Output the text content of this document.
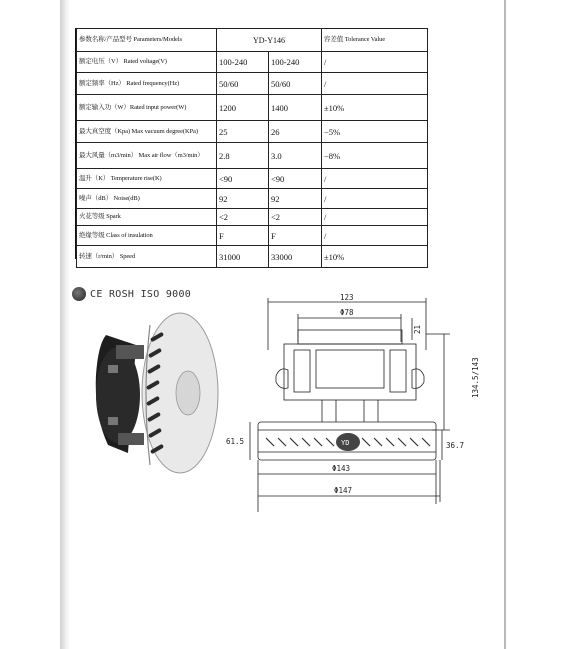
参数名称/产品型号 Parameters/Models	YD-Y146		容差值 Tolerance Value
额定电压（V） Rated voltage(V)	100-240	100-240	/
额定频率（Hz） Rated frequency(Hz)	50/60	50/60	/
额定输入功（W）Rated input power(W)	1200	1400	±10%
最大真空度（Kpa) Max vacuum degree(KPa)	25	26	−5%
最大风量（m3/min） Max air flow（m3/min）	2.8	3.0	−8%
温升（K） Temperature rise(K)	<90	<90	/
噪声（dB） Noise(dB)	92	92	/
火花等级 Spark	<2	<2	/
绝缘等级 Class of insulation	F	F	/
转速（r/min） Speed	31000	33000	±10%
CE ROSH ISO 9000
YD
123
Φ78
21
134.5/143
61.5	36.7
Φ143
Φ147
